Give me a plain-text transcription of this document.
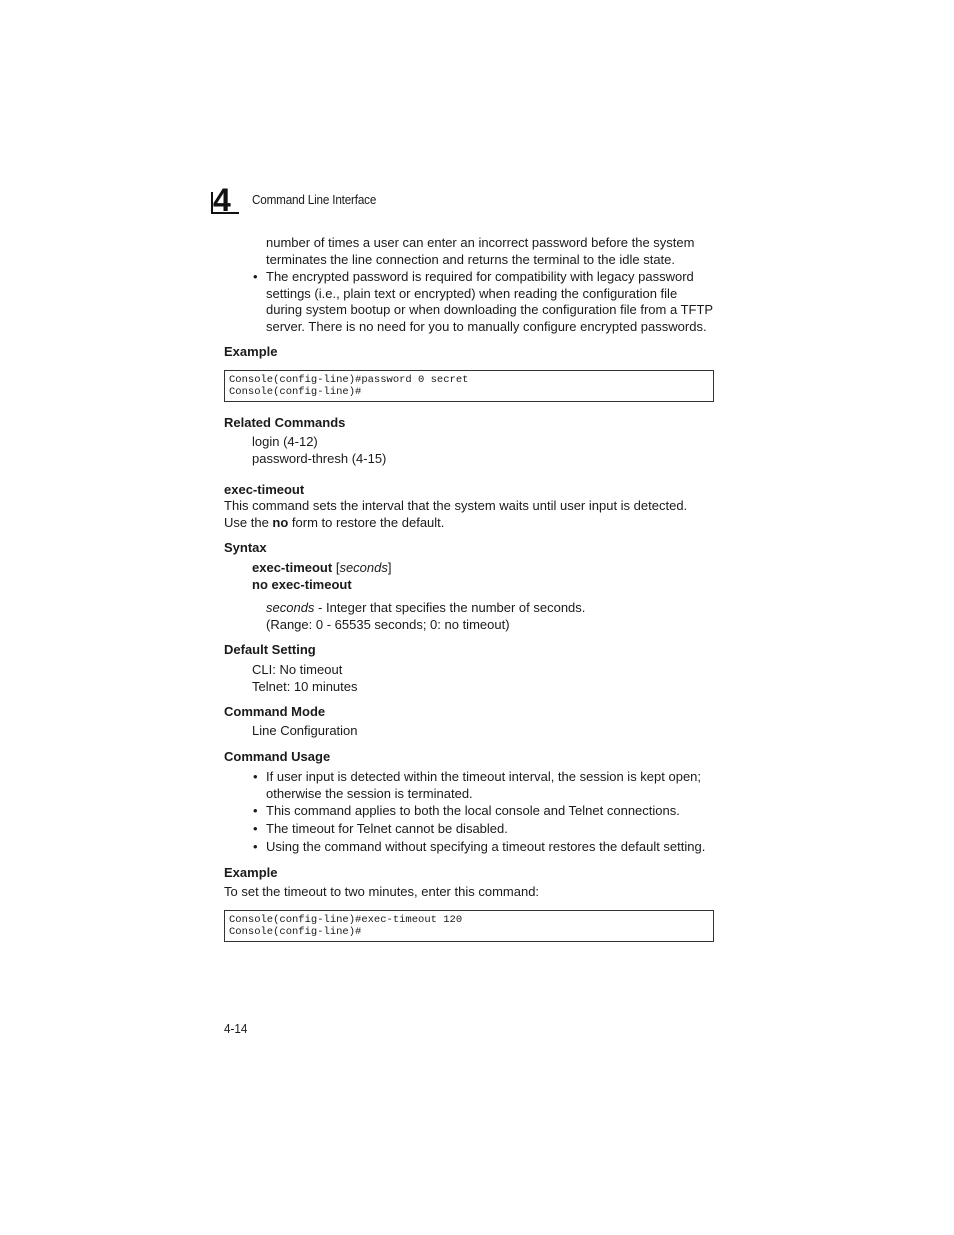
4 Command Line Interface
number of times a user can enter an incorrect password before the system
terminates the line connection and returns the terminal to the idle state.
• The encrypted password is required for compatibility with legacy password
settings (i.e., plain text or encrypted) when reading the configuration file
during system bootup or when downloading the configuration file from a TFTP
server. There is no need for you to manually configure encrypted passwords.
Example
Console(config-line)#password 0 secret
Console(config-line)#
Related Commands
login (4-12)
password-thresh (4-15)
exec-timeout
This command sets the interval that the system waits until user input is detected.
Use the no form to restore the default.
Syntax
exec-timeout [seconds]
no exec-timeout
seconds - Integer that specifies the number of seconds.
(Range: 0 - 65535 seconds; 0: no timeout)
Default Setting
CLI: No timeout
Telnet: 10 minutes
Command Mode
Line Configuration
Command Usage
• If user input is detected within the timeout interval, the session is kept open;
otherwise the session is terminated.
• This command applies to both the local console and Telnet connections.
• The timeout for Telnet cannot be disabled.
• Using the command without specifying a timeout restores the default setting.
Example
To set the timeout to two minutes, enter this command:
Console(config-line)#exec-timeout 120
Console(config-line)#
4-14
